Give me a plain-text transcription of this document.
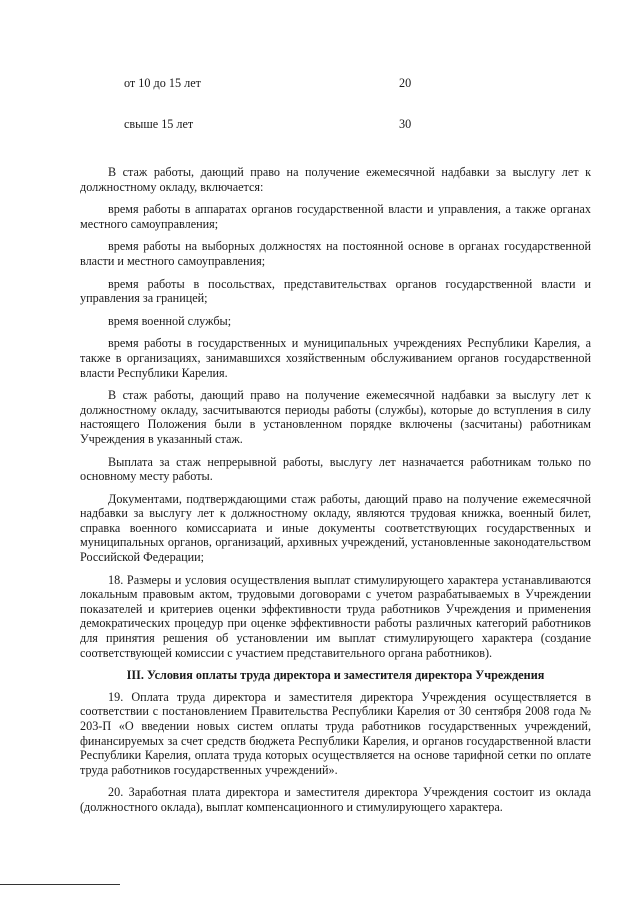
от 10 до 15 лет	20
свыше 15 лет	30

В стаж работы, дающий право на получение ежемесячной надбавки за выслугу лет к должностному окладу, включается:

время работы в аппаратах органов государственной власти и управления, а также органах местного самоуправления;

время работы на выборных должностях на постоянной основе в органах государственной власти и местного самоуправления;

время работы в посольствах, представительствах органов государственной власти и управления за границей;

время военной службы;

время работы в государственных и муниципальных учреждениях Республики Карелия, а также в организациях, занимавшихся хозяйственным обслуживанием органов государственной власти Республики Карелия.

В стаж работы, дающий право на получение ежемесячной надбавки за выслугу лет к должностному окладу, засчитываются периоды работы (службы), которые до вступления в силу настоящего Положения были в установленном порядке включены (засчитаны) работникам Учреждения в указанный стаж.

Выплата за стаж непрерывной работы, выслугу лет назначается работникам только по основному месту работы.

Документами, подтверждающими стаж работы, дающий право на получение ежемесячной надбавки за выслугу лет к должностному окладу, являются трудовая книжка, военный билет, справка военного комиссариата и иные документы соответствующих государственных и муниципальных органов, организаций, архивных учреждений, установленные законодательством Российской Федерации;

18. Размеры и условия осуществления выплат стимулирующего характера устанавливаются локальным правовым актом, трудовыми договорами с учетом разрабатываемых в Учреждении показателей и критериев оценки эффективности труда работников Учреждения и применения демократических процедур при оценке эффективности работы различных категорий работников для принятия решения об установлении им выплат стимулирующего характера (создание соответствующей комиссии с участием представительного органа работников).

III. Условия оплаты труда директора и заместителя директора Учреждения

19. Оплата труда директора и заместителя директора Учреждения осуществляется в соответствии с постановлением Правительства Республики Карелия от 30 сентября 2008 года № 203-П «О введении новых систем оплаты труда работников государственных учреждений, финансируемых за счет средств бюджета Республики Карелия, и органов государственной власти Республики Карелия, оплата труда которых осуществляется на основе тарифной сетки по оплате труда работников государственных учреждений».

20. Заработная плата директора и заместителя директора Учреждения состоит из оклада (должностного оклада), выплат компенсационного и стимулирующего характера.
